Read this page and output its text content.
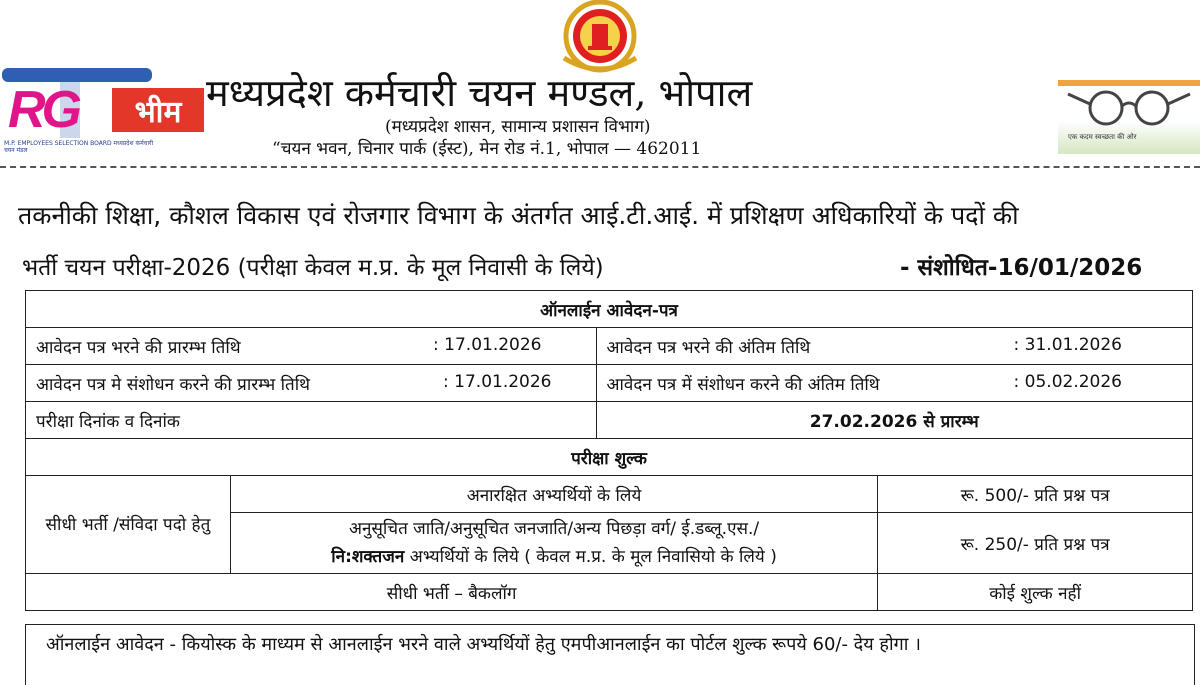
RG	भीम
M.P. EMPLOYEES SELECTION BOARD मध्यप्रदेश कर्मचारी चयन मंडल
मध्यप्रदेश कर्मचारी चयन मण्डल, भोपाल
(मध्यप्रदेश शासन, सामान्य प्रशासन विभाग)
“चयन भवन, चिनार पार्क (ईस्ट), मेन रोड नं.1, भोपाल — 462011
एक कदम स्वच्छता की ओर
तकनीकी शिक्षा, कौशल विकास एवं रोजगार विभाग के अंतर्गत आई.टी.आई. में प्रशिक्षण अधिकारियों के पदों की
भर्ती चयन परीक्षा-2026 (परीक्षा केवल म.प्र. के मूल निवासी के लिये)	- संशोधित-16/01/2026
ऑनलाईन आवेदन-पत्र			
आवेदन पत्र भरने की प्रारम्भ तिथि : 17.01.2026		आवेदन पत्र भरने की अंतिम तिथि : 31.01.2026	

आवेदन पत्र मे संशोधन करने की प्रारम्भ तिथि : 17.01.2026		आवेदन पत्र में संशोधन करने की अंतिम तिथि : 05.02.2026	

परीक्षा दिनांक व दिनांक		27.02.2026 से प्रारम्भ	
परीक्षा शुल्क			
सीधी भर्ती /संविदा पदो हेतु	अनारक्षित अभ्यर्थियों के लिये		रू. 500/- प्रति प्रश्न पत्र

	अनुसूचित जाति/अनुसूचित जनजाति/अन्य पिछड़ा वर्ग/ ई.डब्लू.एस./
नि:शक्तजन अभ्यर्थियों के लिये ( केवल म.प्र. के मूल निवासियो के लिये )		रू. 250/- प्रति प्रश्न पत्र
सीधी भर्ती – बैकलॉग			कोई शुल्क नहीं
ऑनलाईन आवेदन - कियोस्क के माध्यम से आनलाईन भरने वाले अभ्यर्थियों हेतु एमपीआनलाईन का पोर्टल शुल्क रूपये 60/- देय होगा ।
